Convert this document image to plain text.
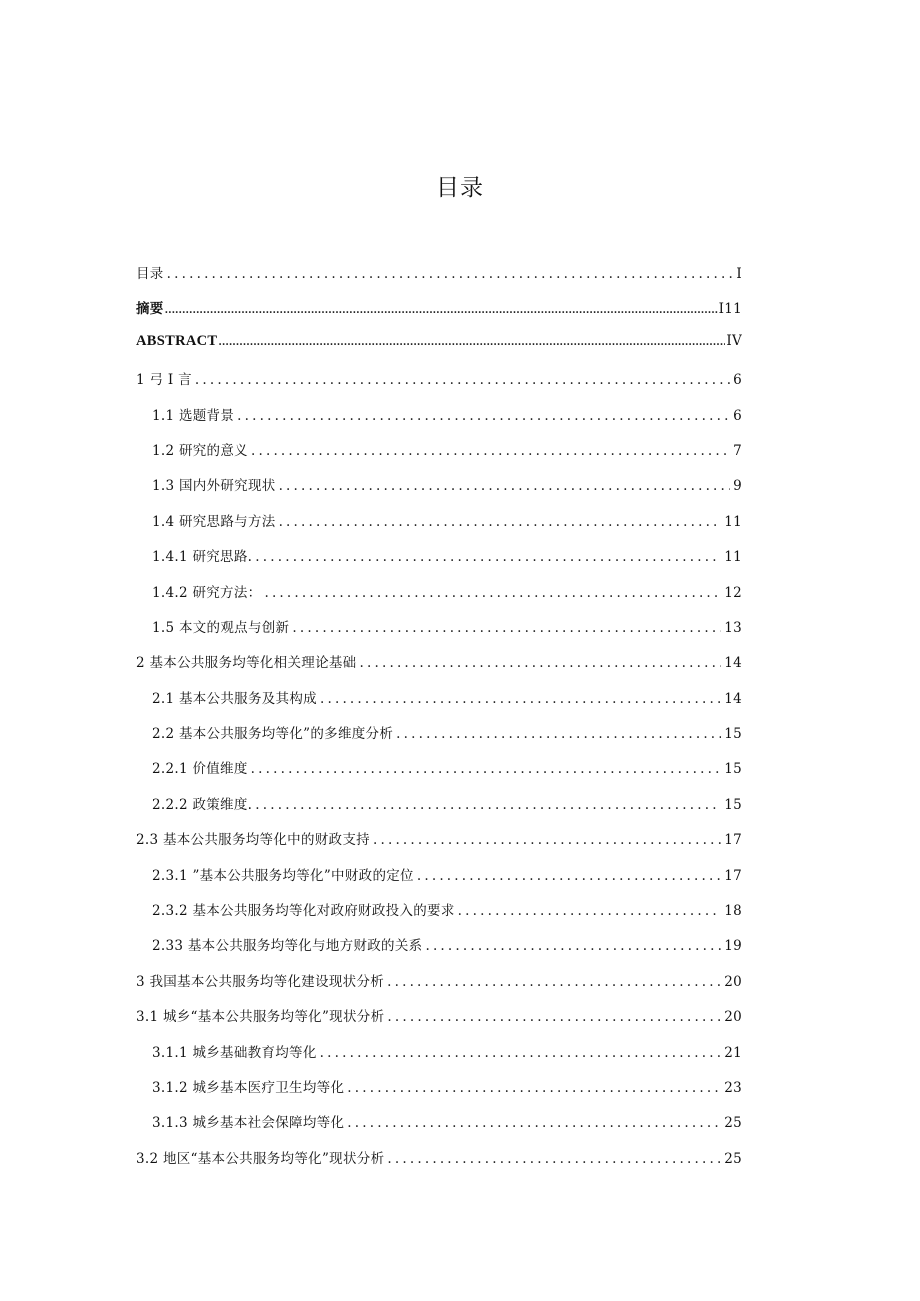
目录
目录 .....	I
摘要 .....	I11
ABSTRACT .....	IV
1 弓 I 言 .....	6
1.1 选题背景 .....	6
1.2 研究的意义 .....	7
1.3 国内外研究现状 .....	9
1.4 研究思路与方法 .....	11
1.4.1 研究思路. .....	11
1.4.2 研究方法： .....	12
1.5 本文的观点与创新 .....	13
2 基本公共服务均等化相关理论基础 .....	14
2.1 基本公共服务及其构成 .....	14
2.2 基本公共服务均等化”的多维度分析 .....	15
2.2.1 价值维度 .....	15
2.2.2 政策维度. .....	15
2.3 基本公共服务均等化中的财政支持 .....	17
2.3.1 ”基本公共服务均等化”中财政的定位 .....	17
2.3.2 基本公共服务均等化对政府财政投入的要求 .....	18
2.33 基本公共服务均等化与地方财政的关系 .....	19
3 我国基本公共服务均等化建设现状分析 .....	20
3.1 城乡“基本公共服务均等化”现状分析 .....	20
3.1.1 城乡基础教育均等化 .....	21
3.1.2 城乡基本医疗卫生均等化 .....	23
3.1.3 城乡基本社会保障均等化 .....	25
3.2 地区“基本公共服务均等化”现状分析 .....	25
